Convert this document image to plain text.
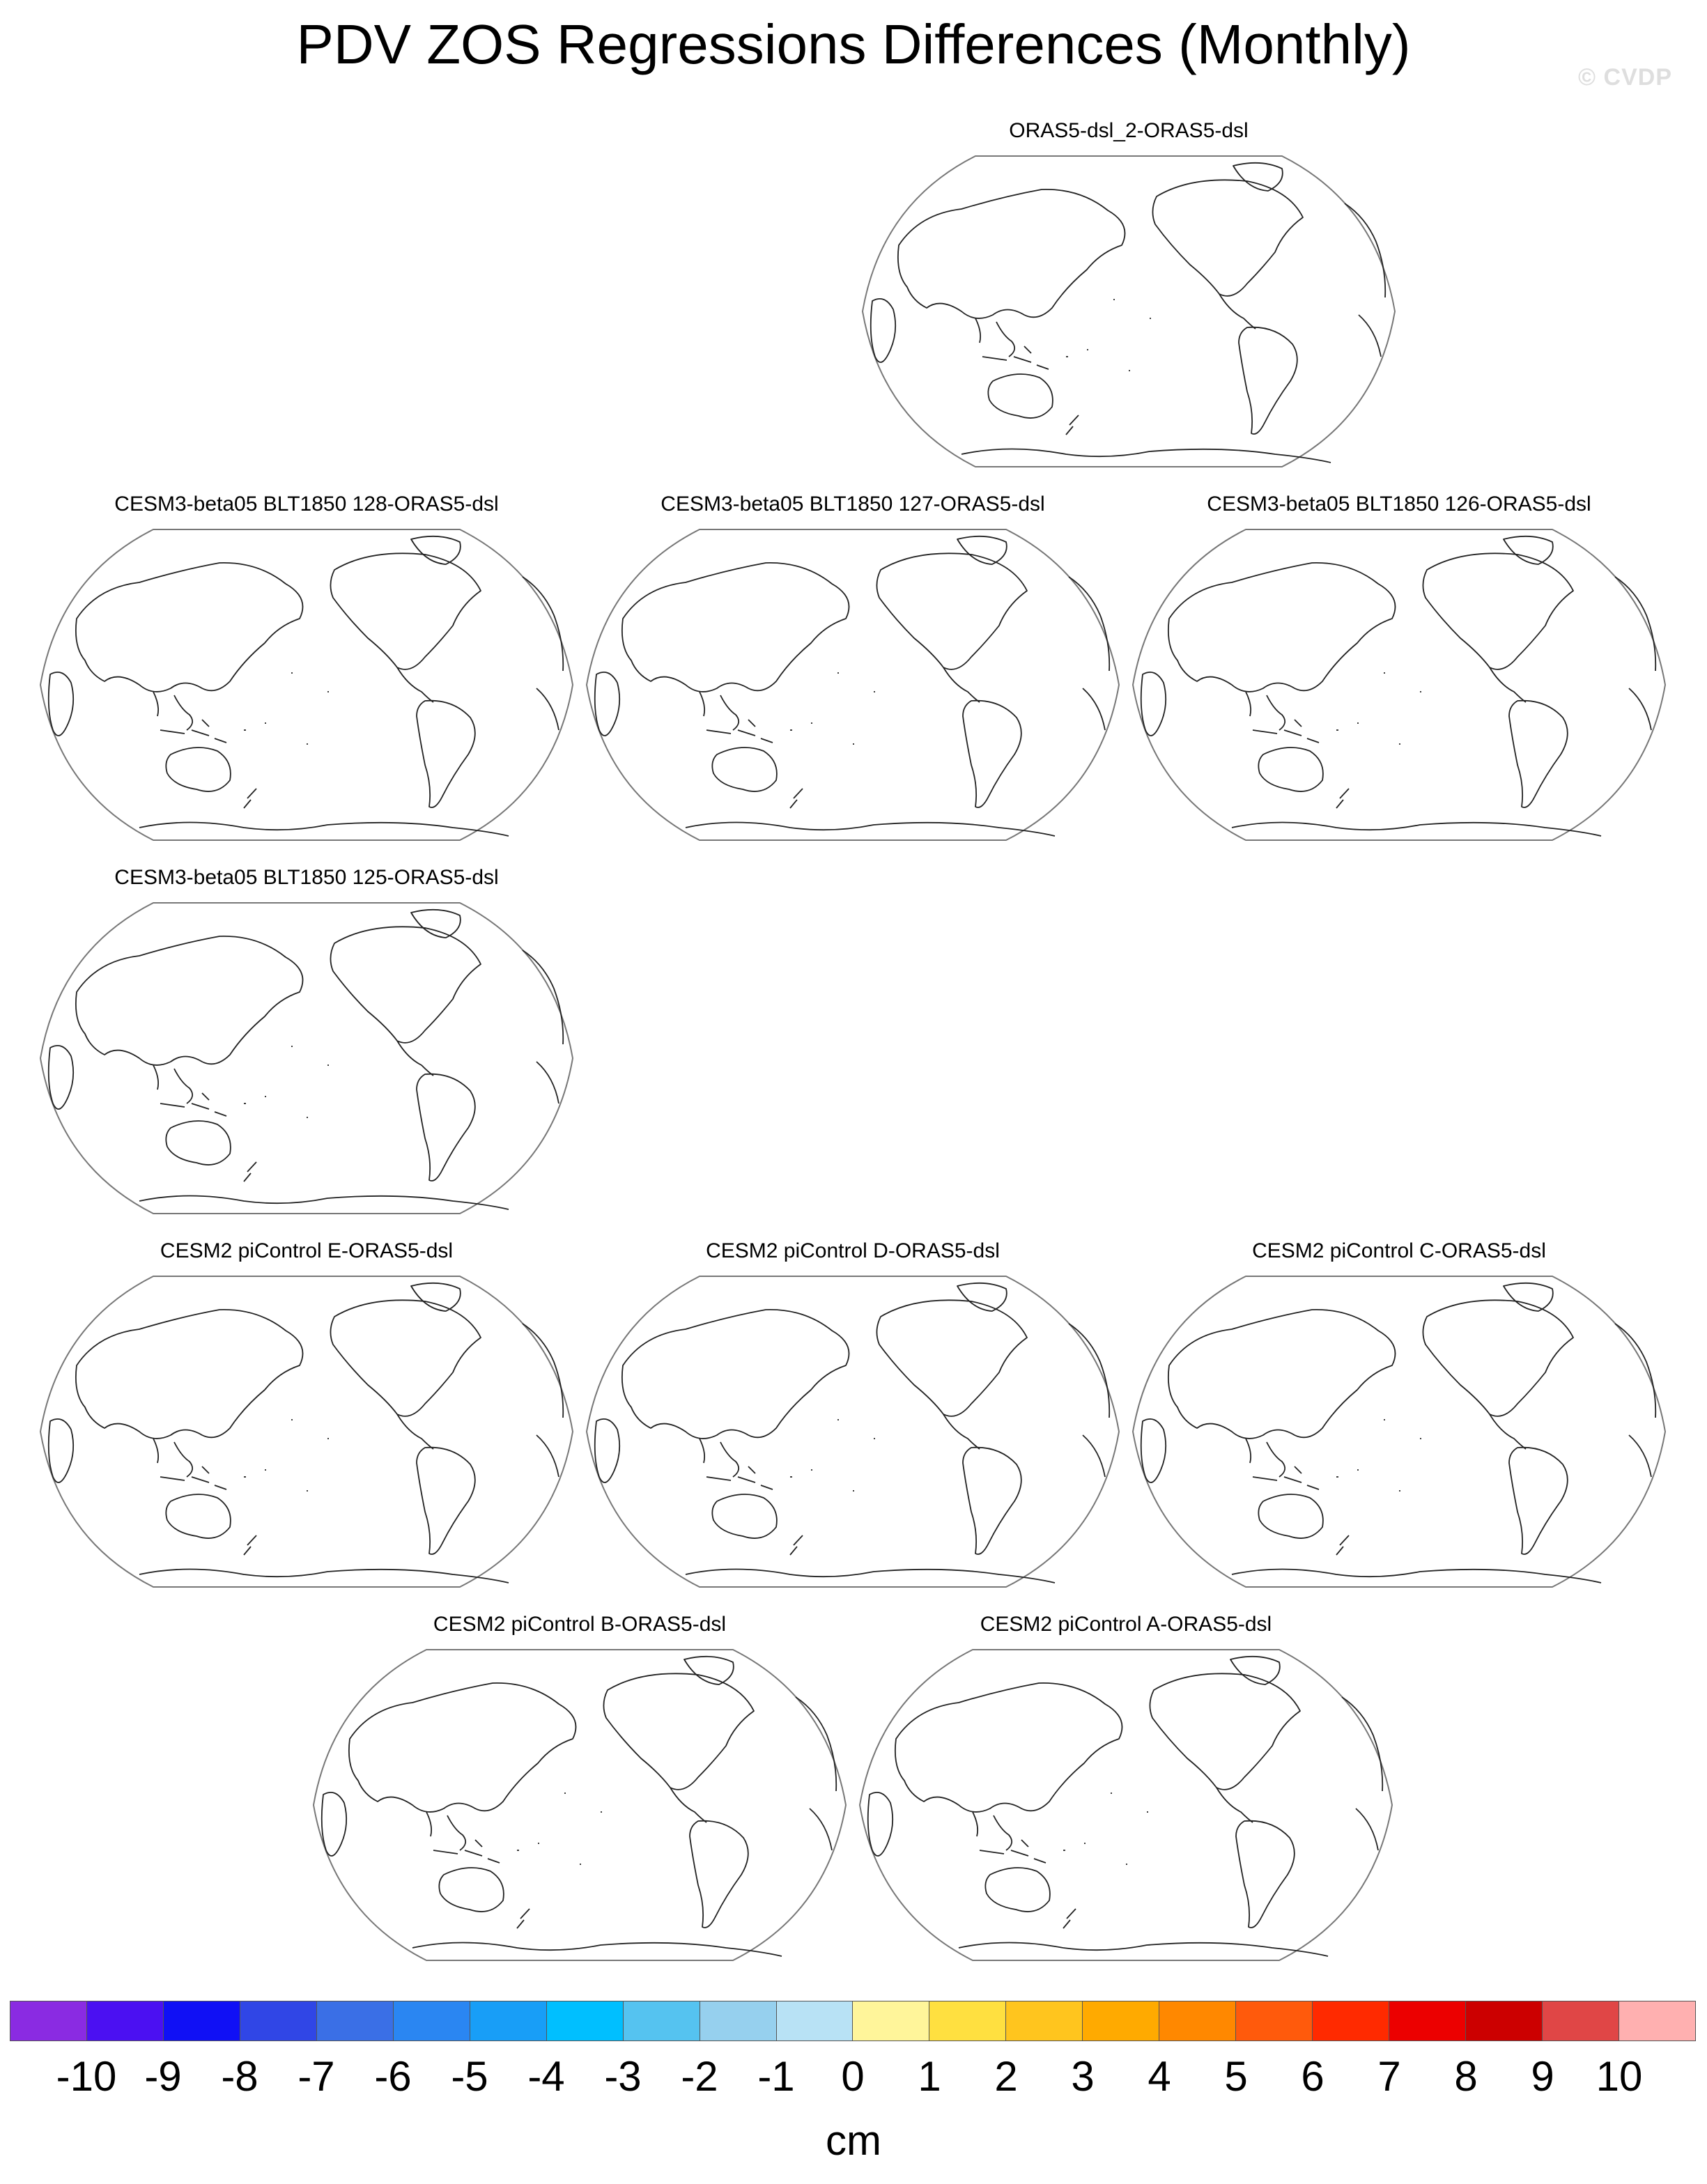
PDV ZOS Regressions Differences (Monthly)
© CVDP
ORAS5-dsl_2-ORAS5-dsl
CESM3-beta05 BLT1850 128-ORAS5-dsl	CESM3-beta05 BLT1850 127-ORAS5-dsl	CESM3-beta05 BLT1850 126-ORAS5-dsl
CESM3-beta05 BLT1850 125-ORAS5-dsl
CESM2 piControl E-ORAS5-dsl	CESM2 piControl D-ORAS5-dsl	CESM2 piControl C-ORAS5-dsl
CESM2 piControl B-ORAS5-dsl	CESM2 piControl A-ORAS5-dsl
-10 -9 -8 -7 -6 -5 -4 -3 -2 -1	0	1	2	3	4	5	6	7	8	9 10
cm
